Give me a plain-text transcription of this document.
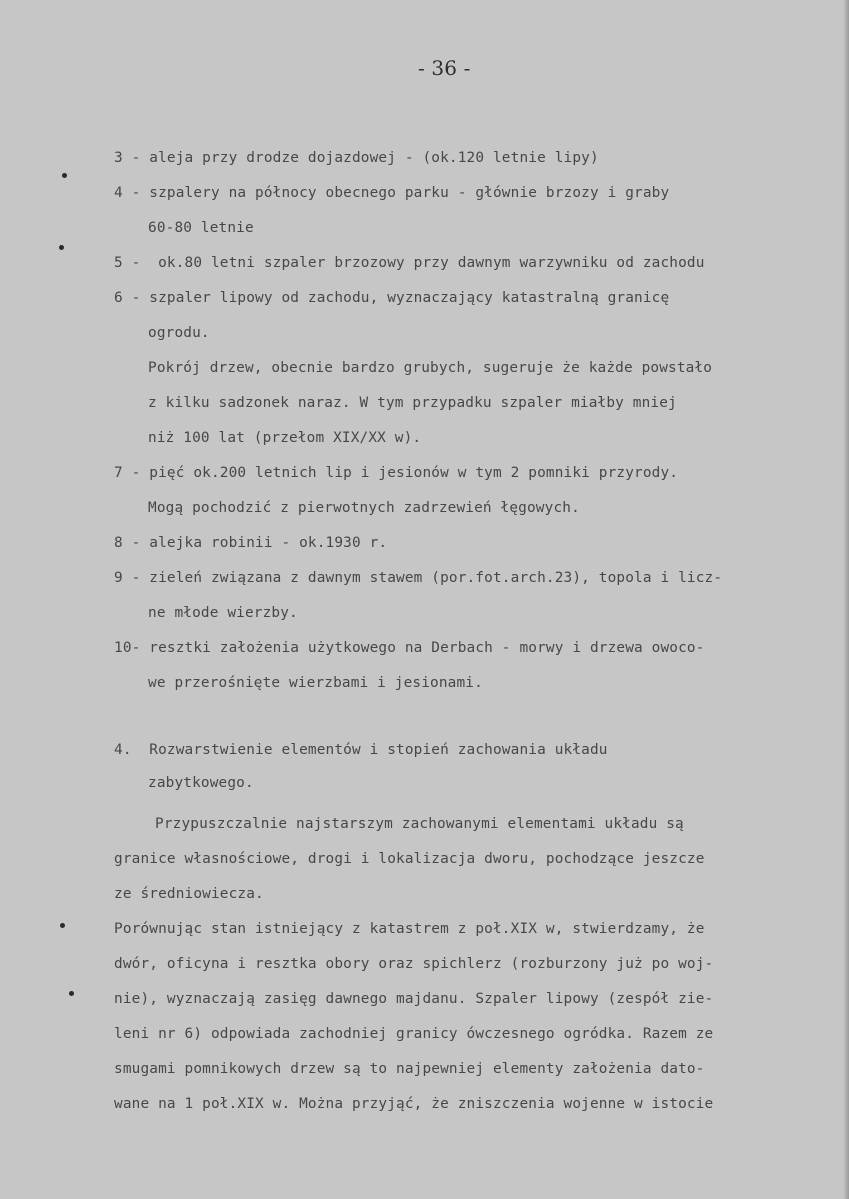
- 36 -
3 - aleja przy drodze dojazdowej - (ok.120 letnie lipy)
4 - szpalery na północy obecnego parku - głównie brzozy i graby
60-80 letnie
5 -  ok.80 letni szpaler brzozowy przy dawnym warzywniku od zachodu
6 - szpaler lipowy od zachodu, wyznaczający katastralną granicę
ogrodu.
Pokrój drzew, obecnie bardzo grubych, sugeruje że każde powstało
z kilku sadzonek naraz. W tym przypadku szpaler miałby mniej
niż 100 lat (przełom XIX/XX w).
7 - pięć ok.200 letnich lip i jesionów w tym 2 pomniki przyrody.
Mogą pochodzić z pierwotnych zadrzewień łęgowych.
8 - alejka robinii - ok.1930 r.
9 - zieleń związana z dawnym stawem (por.fot.arch.23), topola i licz-
ne młode wierzby.
10- resztki założenia użytkowego na Derbach - morwy i drzewa owoco-
we przerośnięte wierzbami i jesionami.
4.  Rozwarstwienie elementów i stopień zachowania układu
zabytkowego.
Przypuszczalnie najstarszym zachowanymi elementami układu są
granice własnościowe, drogi i lokalizacja dworu, pochodzące jeszcze
ze średniowiecza.
Porównując stan istniejący z katastrem z poł.XIX w, stwierdzamy, że
dwór, oficyna i resztka obory oraz spichlerz (rozburzony już po woj-
nie), wyznaczają zasięg dawnego majdanu. Szpaler lipowy (zespół zie-
leni nr 6) odpowiada zachodniej granicy ówczesnego ogródka. Razem ze
smugami pomnikowych drzew są to najpewniej elementy założenia dato-
wane na 1 poł.XIX w. Można przyjąć, że zniszczenia wojenne w istocie
